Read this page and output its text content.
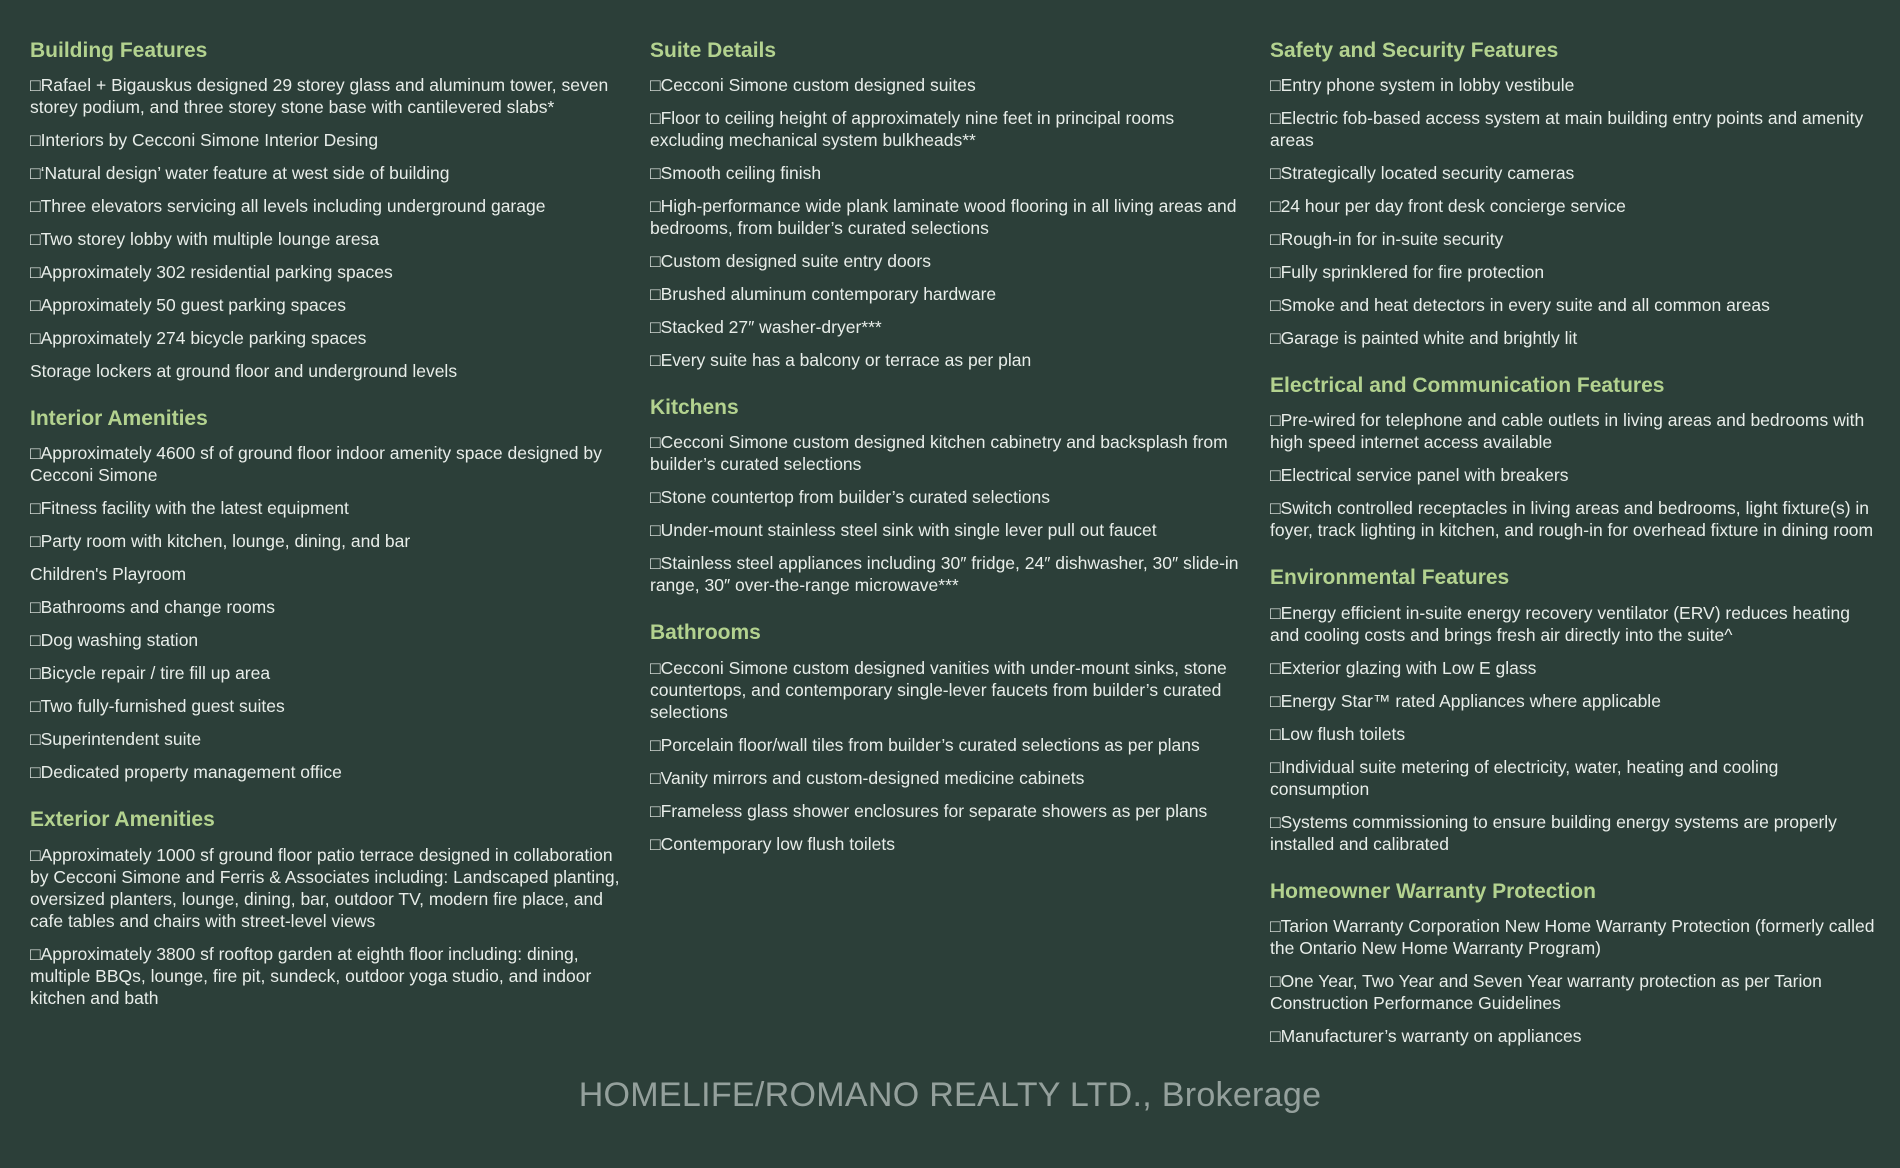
Building Features
□Rafael + Bigauskus designed 29 storey glass and aluminum tower, seven storey podium, and three storey stone base with cantilevered slabs*
□Interiors by Cecconi Simone Interior Desing
□‘Natural design’ water feature at west side of building
□Three elevators servicing all levels including underground garage
□Two storey lobby with multiple lounge aresa
□Approximately 302 residential parking spaces
□Approximately 50 guest parking spaces
□Approximately 274 bicycle parking spaces
Storage lockers at ground floor and underground levels
Interior Amenities
□Approximately 4600 sf of ground floor indoor amenity space designed by Cecconi Simone
□Fitness facility with the latest equipment
□Party room with kitchen, lounge, dining, and bar
Children's Playroom
□Bathrooms and change rooms
□Dog washing station
□Bicycle repair / tire fill up area
□Two fully-furnished guest suites
□Superintendent suite
□Dedicated property management office
Exterior Amenities
□Approximately 1000 sf ground floor patio terrace designed in collaboration by Cecconi Simone and Ferris & Associates including: Landscaped planting, oversized planters, lounge, dining, bar, outdoor TV, modern fire place, and cafe tables and chairs with street-level views
□Approximately 3800 sf rooftop garden at eighth floor including: dining, multiple BBQs, lounge, fire pit, sundeck, outdoor yoga studio, and indoor kitchen and bath
Suite Details
□Cecconi Simone custom designed suites
□Floor to ceiling height of approximately nine feet in principal rooms excluding mechanical system bulkheads**
□Smooth ceiling finish
□High-performance wide plank laminate wood flooring in all living areas and bedrooms, from builder’s curated selections
□Custom designed suite entry doors
□Brushed aluminum contemporary hardware
□Stacked 27″ washer-dryer***
□Every suite has a balcony or terrace as per plan
Kitchens
□Cecconi Simone custom designed kitchen cabinetry and backsplash from builder’s curated selections
□Stone countertop from builder’s curated selections
□Under-mount stainless steel sink with single lever pull out faucet
□Stainless steel appliances including 30″ fridge, 24″ dishwasher, 30″ slide-in range, 30″ over-the-range microwave***
Bathrooms
□Cecconi Simone custom designed vanities with under-mount sinks, stone countertops, and contemporary single-lever faucets from builder’s curated selections
□Porcelain floor/wall tiles from builder’s curated selections as per plans
□Vanity mirrors and custom-designed medicine cabinets
□Frameless glass shower enclosures for separate showers as per plans
□Contemporary low flush toilets
Safety and Security Features
□Entry phone system in lobby vestibule
□Electric fob-based access system at main building entry points and amenity areas
□Strategically located security cameras
□24 hour per day front desk concierge service
□Rough-in for in-suite security
□Fully sprinklered for fire protection
□Smoke and heat detectors in every suite and all common areas
□Garage is painted white and brightly lit
Electrical and Communication Features
□Pre-wired for telephone and cable outlets in living areas and bedrooms with high speed internet access available
□Electrical service panel with breakers
□Switch controlled receptacles in living areas and bedrooms, light fixture(s) in foyer, track lighting in kitchen, and rough-in for overhead fixture in dining room
Environmental Features
□Energy efficient in-suite energy recovery ventilator (ERV) reduces heating and cooling costs and brings fresh air directly into the suite^
□Exterior glazing with Low E glass
□Energy Star™ rated Appliances where applicable
□Low flush toilets
□Individual suite metering of electricity, water, heating and cooling consumption
□Systems commissioning to ensure building energy systems are properly installed and calibrated
Homeowner Warranty Protection
□Tarion Warranty Corporation New Home Warranty Protection (formerly called the Ontario New Home Warranty Program)
□One Year, Two Year and Seven Year warranty protection as per Tarion Construction Performance Guidelines
□Manufacturer’s warranty on appliances
HOMELIFE/ROMANO REALTY LTD., Brokerage
